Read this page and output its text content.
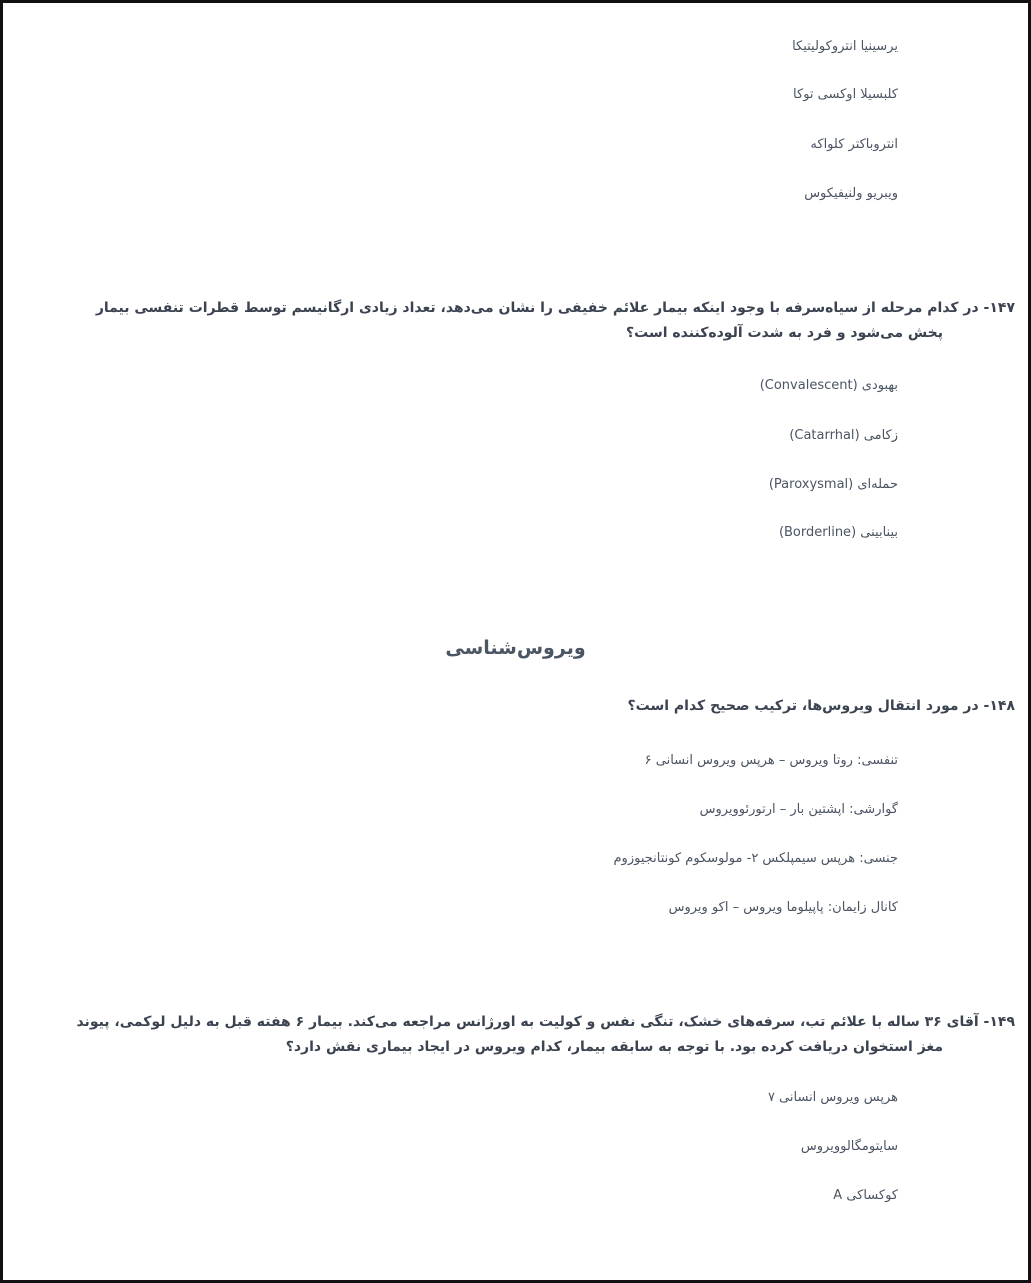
یرسینیا انتروکولیتیکا
کلبسیلا اوکسی توکا
انتروباکتر کلواکه
ویبریو ولنیفیکوس
۱۴۷- در کدام مرحله از سیاه‌سرفه با وجود اینکه بیمار علائم خفیفی را نشان می‌دهد، تعداد زیادی ارگانیسم توسط قطرات تنفسی بیمار
پخش می‌شود و فرد به شدت آلوده‌کننده است؟
بهبودی (Convalescent)
زکامی (Catarrhal)
حمله‌ای (Paroxysmal)
بینابینی (Borderline)
ویروس‌شناسی
۱۴۸- در مورد انتقال ویروس‌ها، ترکیب صحیح کدام است؟
تنفسی: روتا ویروس – هرپس ویروس انسانی ۶
گوارشی: اپشتین بار – ارتورئوویروس
جنسی: هرپس سیمپلکس ۲- مولوسکوم کونتانجیوزوم
کانال زایمان: پاپیلوما ویروس – اکو ویروس
۱۴۹- آقای ۳۶ ساله با علائم تب، سرفه‌های خشک، تنگی نفس و کولیت به اورژانس مراجعه می‌کند. بیمار ۶ هفته قبل به دلیل لوکمی، پیوند
مغز استخوان دریافت کرده بود. با توجه به سابقه بیمار، کدام ویروس در ایجاد بیماری نقش دارد؟
هرپس ویروس انسانی ۷
سایتومگالوویروس
کوکساکی A
